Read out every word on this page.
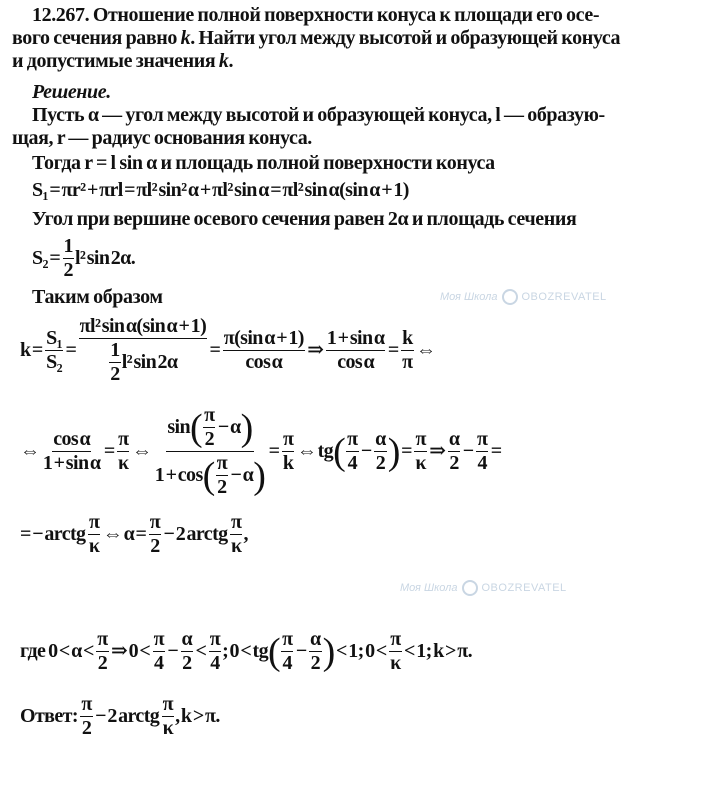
Моя Школа OBOZREVATEL
Моя Школа OBOZREVATEL
12.267. Отношение полной поверхности конуса к площади его осе-
вого сечения равно k. Найти угол между высотой и образующей конуса
и допустимые значения k.
Решение.
Пусть α — угол между высотой и образующей конуса, l — образую-
щая, r — радиус основания конуса.
Тогда r = l sin α и площадь полной поверхности конуса
S₁ = πr² + πrl = πl² sin² α + πl² sin α = πl² sin α(sin α + 1)
Угол при вершине осевого сечения равен 2α и площадь сечения
$S_2 = \frac{1}{2} l^2$ sin 2α.
Таким образом
$k = \frac{\text{S₁}}{\text{S₂}} = \frac{\text{πl² sin α(sin α + 1)}}{\frac{1}{2} l^2 \sin 2\alpha} = \frac{\text{π(sin α + 1)}}{\text{cos α}}$ ⇒ $\frac{\text{1 + sin α}}{\text{cos α}} = \frac{k}{\pi}$ ⇔
⇔ $\frac{\text{cos α}}{\text{1 + sin α}} = \frac{\pi}{\kappa}$ ⇔ $\frac{\sin ( \frac{\pi}{2} - \alpha )}{1 + \cos ( \frac{\pi}{2} - \alpha )} = \frac{\pi}{k}$ ⇔ tg ( $\frac{\pi}{4} - \frac{\alpha}{2}$ ) = $\frac{\pi}{\kappa}$ ⇒ $\frac{\alpha}{2} - \frac{\pi}{4}$ =
= − arctg $\frac{\pi}{\kappa}$ ⇔ $\alpha = \frac{\pi}{2} - 2$ arctg $\frac{\pi}{\kappa}$ ,
где  $0 < \alpha < \frac{\pi}{2}$ ⇒ $0 < \frac{\pi}{4} - \frac{\alpha}{2} < \frac{\pi}{4}$ ; 0 < tg ( $\frac{\pi}{4} - \frac{\alpha}{2}$ ) < 1; $0 < \frac{\pi}{\kappa} < 1$; k > π.
Ответ:
$\frac{\pi}{2} - 2$ arctg $\frac{\pi}{\kappa}$ , k > π.
